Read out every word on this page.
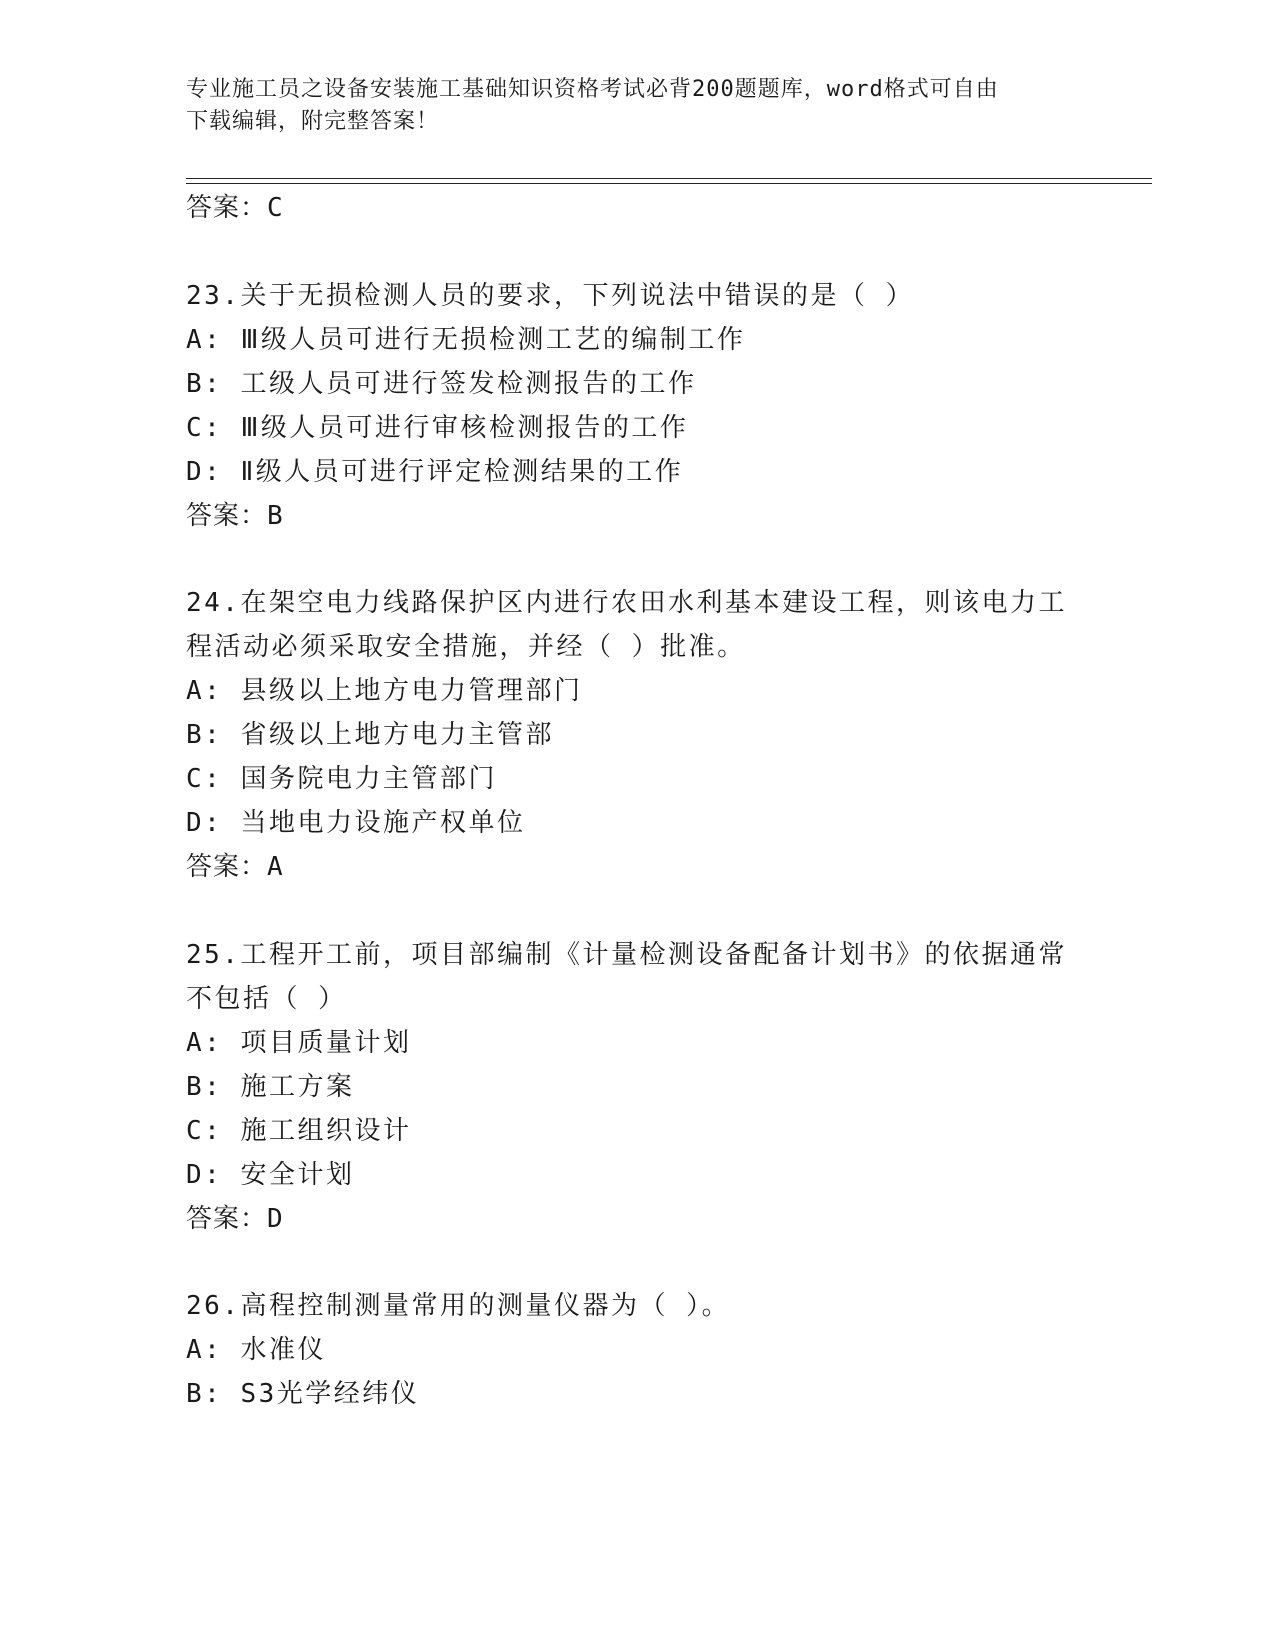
专业施工员之设备安装施工基础知识资格考试必背200题题库，word格式可自由
下载编辑，附完整答案！
答案：C
23.关于无损检测人员的要求，下列说法中错误的是（ ）
A: Ⅲ级人员可进行无损检测工艺的编制工作
B: 工级人员可进行签发检测报告的工作
C: Ⅲ级人员可进行审核检测报告的工作
D: Ⅱ级人员可进行评定检测结果的工作
答案：B
24.在架空电力线路保护区内进行农田水利基本建设工程，则该电力工
程活动必须采取安全措施，并经（ ）批准。
A: 县级以上地方电力管理部门
B: 省级以上地方电力主管部
C: 国务院电力主管部门
D: 当地电力设施产权单位
答案：A
25.工程开工前，项目部编制《计量检测设备配备计划书》的依据通常
不包括（ ）
A: 项目质量计划
B: 施工方案
C: 施工组织设计
D: 安全计划
答案：D
26.高程控制测量常用的测量仪器为（ ）。
A: 水准仪
B: S3光学经纬仪
